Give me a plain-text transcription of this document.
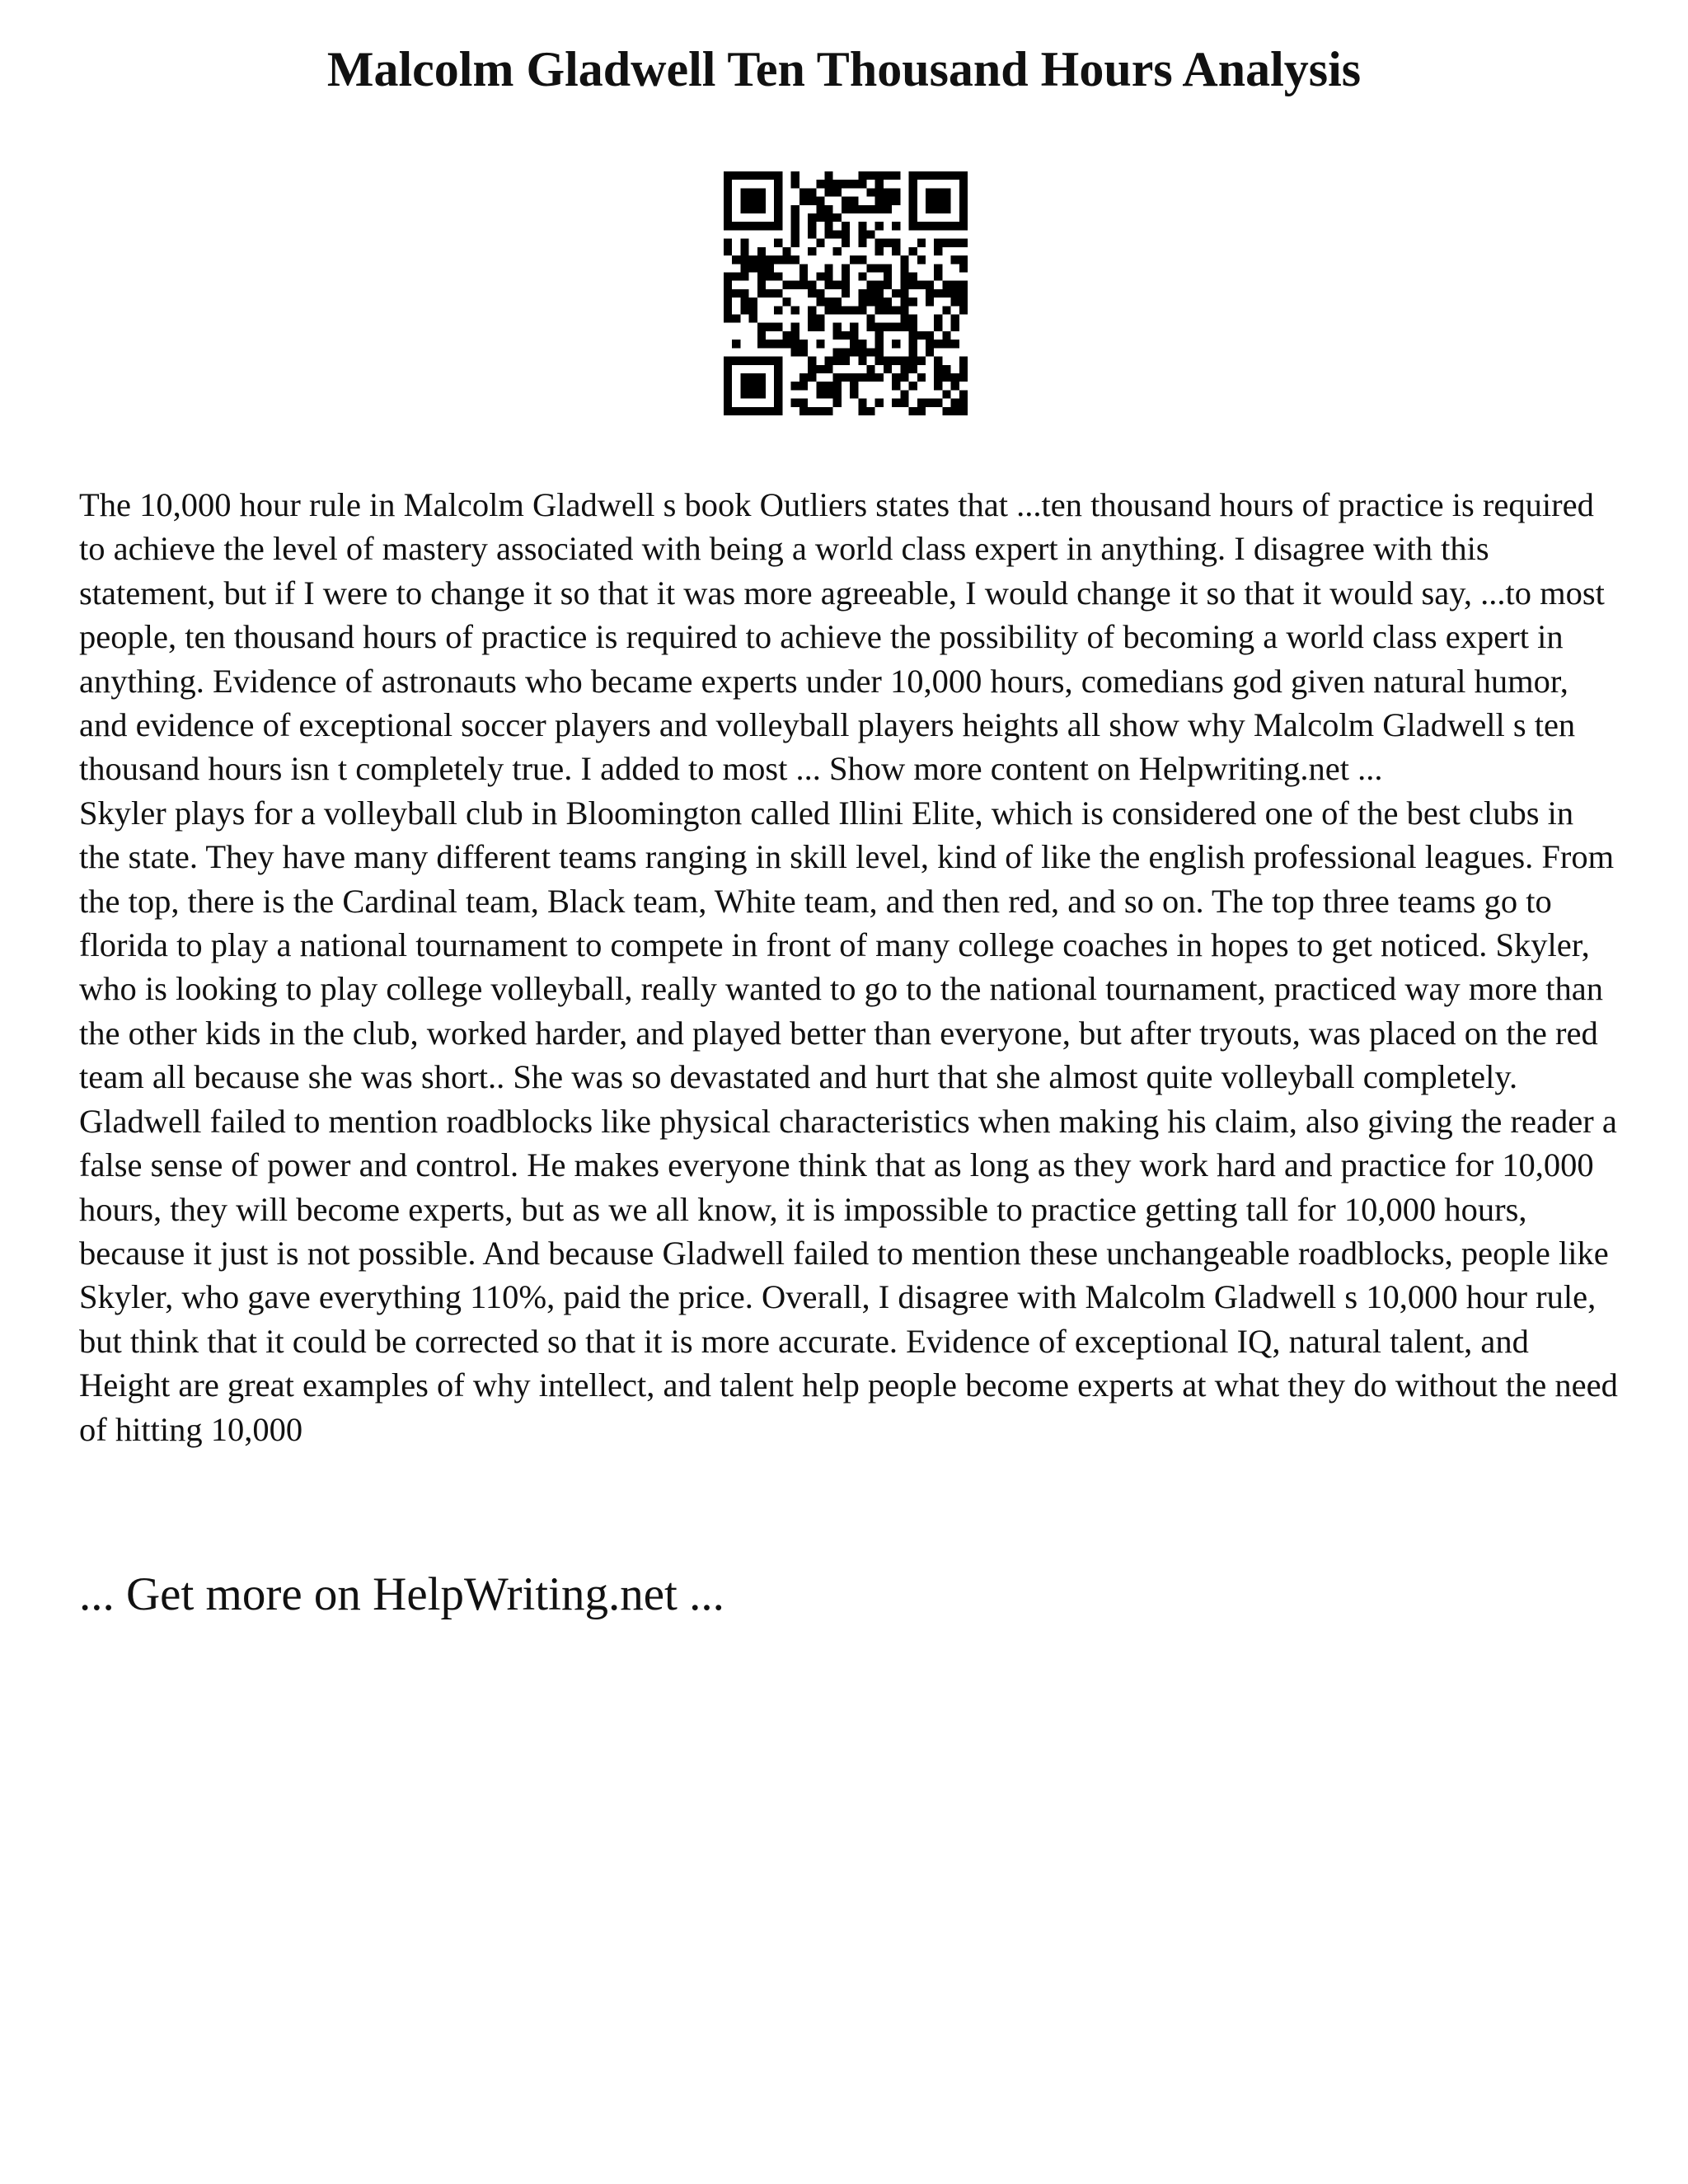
Malcolm Gladwell Ten Thousand Hours Analysis

The 10,000 hour rule in Malcolm Gladwell s book Outliers states that ...ten thousand hours of practice is required to achieve the level of mastery associated with being a world class expert in anything. I disagree with this statement, but if I were to change it so that it was more agreeable, I would change it so that it would say, ...to most people, ten thousand hours of practice is required to achieve the possibility of becoming a world class expert in anything. Evidence of astronauts who became experts under 10,000 hours, comedians god given natural humor, and evidence of exceptional soccer players and volleyball players heights all show why Malcolm Gladwell s ten thousand hours isn t completely true. I added to most ... Show more content on Helpwriting.net ...

Skyler plays for a volleyball club in Bloomington called Illini Elite, which is considered one of the best clubs in the state. They have many different teams ranging in skill level, kind of like the english professional leagues. From the top, there is the Cardinal team, Black team, White team, and then red, and so on. The top three teams go to florida to play a national tournament to compete in front of many college coaches in hopes to get noticed. Skyler, who is looking to play college volleyball, really wanted to go to the national tournament, practiced way more than the other kids in the club, worked harder, and played better than everyone, but after tryouts, was placed on the red team all because she was short.. She was so devastated and hurt that she almost quite volleyball completely. Gladwell failed to mention roadblocks like physical characteristics when making his claim, also giving the reader a false sense of power and control. He makes everyone think that as long as they work hard and practice for 10,000 hours, they will become experts, but as we all know, it is impossible to practice getting tall for 10,000 hours, because it just is not possible. And because Gladwell failed to mention these unchangeable roadblocks, people like Skyler, who gave everything 110%, paid the price. Overall, I disagree with Malcolm Gladwell s 10,000 hour rule, but think that it could be corrected so that it is more accurate. Evidence of exceptional IQ, natural talent, and Height are great examples of why intellect, and talent help people become experts at what they do without the need of hitting 10,000

... Get more on HelpWriting.net ...
